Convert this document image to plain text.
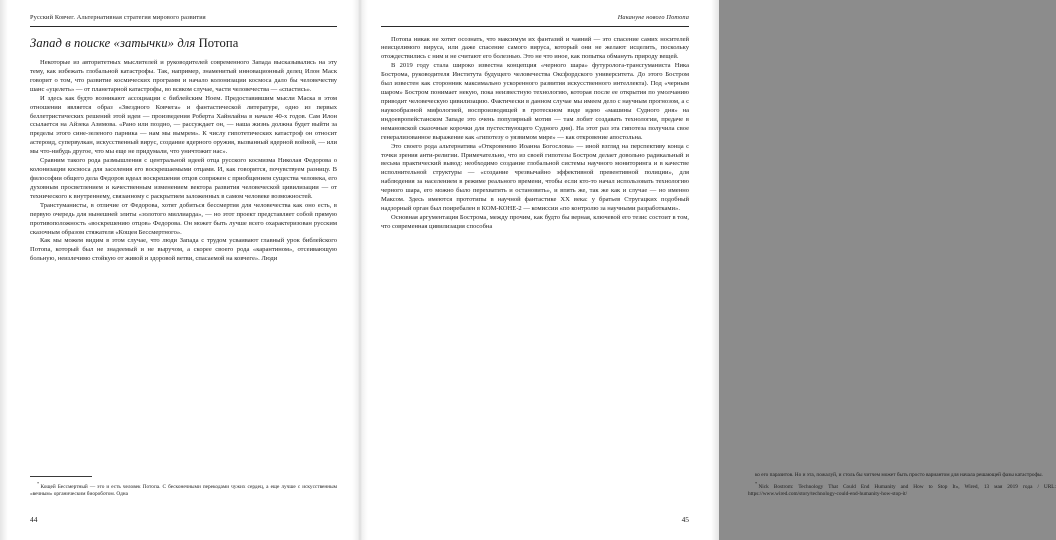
Русский Ковчег. Альтернативная стратегия мирового развития
Запад в поиске «затычки» для Потопа

Некоторые из авторитетных мыслителей и руководителей современного Запада высказывались на эту тему, как избежать глобальной катастрофы. Так, например, знаменитый инновационный делец Илон Маск говорит о том, что развитие космических программ и начало колонизации космоса дало бы человечеству шанс «уцелеть» — от планетарной катастрофы, во всяком случае, части человечества — «спастись».

И здесь как будто возникают ассоциации с библейским Ноем. Предоставившим мысли Маска в этом отношении является образ «Звездного Ковчега» и фантастической литературе, одно из первых беллетристических решений этой идеи — произведения Роберта Хайнлайна в начале 40-х годов. Сам Илон ссылается на Айзека Азимова. «Рано или поздно, — рассуждает он, — наша жизнь должна будет выйти за пределы этого сине-зеленого парника — нам мы вымрем». К числу гипотетических катастроф он относит астероид, супервулкан, искусственный вирус, создание ядерного оружия, вызванный ядерной войной, — или мы что-нибудь другое, что мы еще не придумали, что уничтожит нас».

Сравним такого рода размышления с центральной идеей отца русского космизма Николая Федорова о колонизации космоса для заселения его воскрешаемыми отцами. И, как говорится, почувствуем разницу. В философии общего дела Федоров идеал воскрешения отцов сопряжен с приобщением существа человека, его духовным просветлением и качественным изменением вектора развития человеческой цивилизации — от технического к внутреннему, связанному с раскрытием заложенных в самом человеке возможностей.

Транстуманисты, в отличие от Федорова, хотят добиться бессмертия для человечества как оно есть, в первую очередь для нынешней элиты «золотого миллиарда», — но этот проект представляет собой прямую противоположность «воскрешению отцов» Федорова. Он может быть лучше всего охарактеризован русским сказочным образом стяжателя «Кощея Бессмертного».

Как мы можем видим в этом случае, что люди Запада с трудом усваивают главный урок библейского Потопа, который был не знадеемый и не выручом, а скорее своего рода «карантином», отсеивающую больную, неизлечимо стойкую от живой и здоровой ветви, спасаемой на ковчеге». Люди

*Кощей Бессмертный — это и есть человек Потопа. С бесконечными перекодами чужих сердец, а еще лучше с искусственным «вечным» органическим биороботом. Одна

44
Накануне нового Потопа

Потопа никак не хотят осознать, что максимум их фантазий и чаяний — это спасение самих носителей неисцелимого вируса, или даже спасение самого вируса, который они не желают исцелить, поскольку отождествились с ним и не считают его болезнью. Это не что иное, как попытка обмануть природу вещей.

В 2019 году стала широко известна концепция «черного шара» футуролога-трансгуманиста Ника Бострома, руководителя Института будущего человечества Оксфордского университета. До этого Бостром был известен как сторонник максимально ускоренного развития искусственного интеллекта). Под «черным шаром» Бостром понимает некую, пока неизвестную технологию, которая после ее открытия по умолчанию приводит человеческую цивилизацию. Фактически в данном случае мы имеем дело с научным прогнозом, а с наукообразной мифологией, воспроизводящей в гротескном виде идею «машины Судного дня» на индоевропейстанском Западе это очень популярный мотив — там лобит создавать технологии, предаче в немановской сказочные корочки для пустествующего Судного дня). На этот раз эта гипотеза получила свое генерализованное выражение как «гипотезу о уязвимом мире» — как откровение апостольна.

Это своего рода альтернатива «Откровению Иоанна Богослова» — иной взгляд на перспективу конца с точки зрения анти-религии. Примечательно, что из своей гипотезы Бостром делает довольно радикальный и весьма практический вывод: необходимо создание глобальной системы научного мониторинга и в качестве исполнительной структуры — «создание чрезвычайно эффективной превентивной полиции», для наблюдения за населением в режиме реального времени, чтобы если кто-то начал использовать технологию черного шара, его можно было перехватить и остановить», и впять же, так же как и случае — но именно Максом. Здесь имеются прототипы в научной фантастике XX века: у братьев Стругацких подобный надзорный орган был поиребален в КОМ-КОНЕ-2 — комиссии «по контролю за научными разработками».

Основная аргументация Бострома, между прочим, как будто бы верная, ключевой его тезис состоит в том, что современная цивилизация способна

ко его паразитов. Но и эта, пожалуй, и столь бы читчем может быть просто вариантом для начала решающей фазы катастрофы.

*Nick Bostrom: Technology That Could End Humanity and How to Stop It», Wired, 13 мая 2019 года / URL: https://www.wired.com/story/technology-could-end-humanity-how-stop-it/

45
